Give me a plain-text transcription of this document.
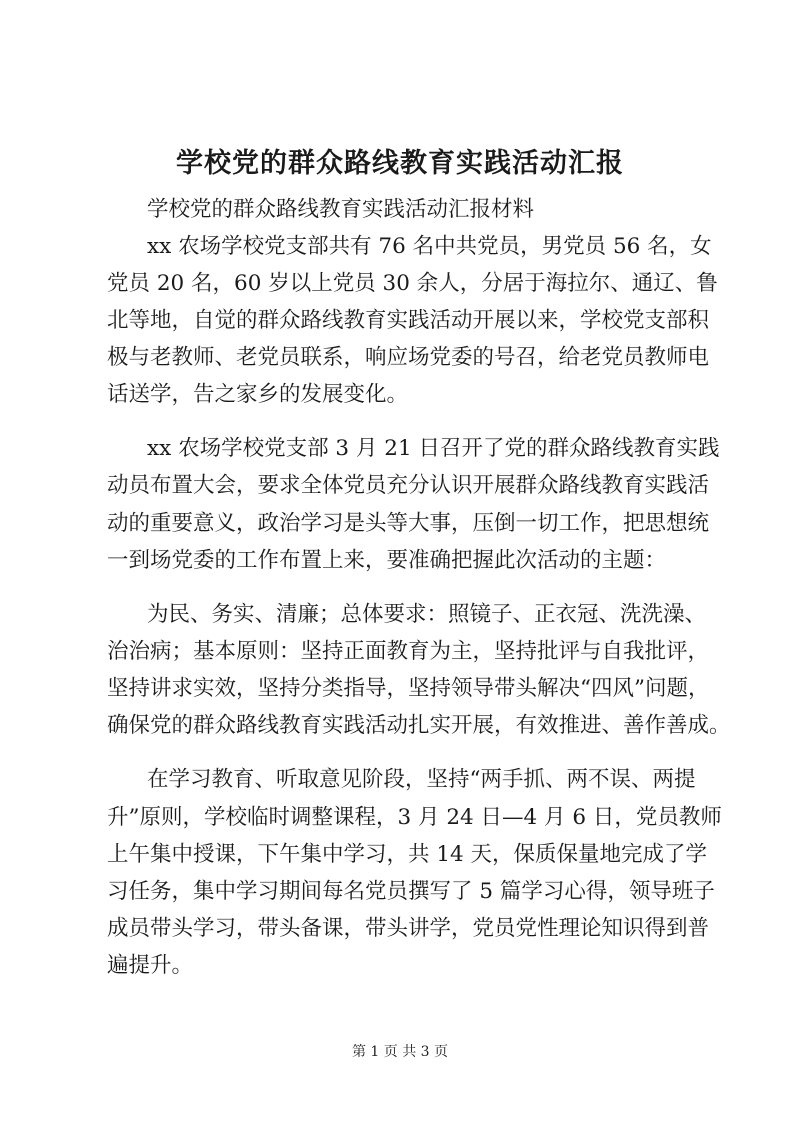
学校党的群众路线教育实践活动汇报

学校党的群众路线教育实践活动汇报材料

xx 农场学校党支部共有 76 名中共党员，男党员 56 名，女

党员 20 名，60 岁以上党员 30 余人，分居于海拉尔、通辽、鲁

北等地，自觉的群众路线教育实践活动开展以来，学校党支部积

极与老教师、老党员联系，响应场党委的号召，给老党员教师电

话送学，告之家乡的发展变化。

xx 农场学校党支部 3 月 21 日召开了党的群众路线教育实践

动员布置大会，要求全体党员充分认识开展群众路线教育实践活

动的重要意义，政治学习是头等大事，压倒一切工作，把思想统

一到场党委的工作布置上来，要准确把握此次活动的主题：

为民、务实、清廉；总体要求：照镜子、正衣冠、洗洗澡、

治治病；基本原则：坚持正面教育为主，坚持批评与自我批评，

坚持讲求实效，坚持分类指导，坚持领导带头解决“四风”问题，

确保党的群众路线教育实践活动扎实开展，有效推进、善作善成。

在学习教育、听取意见阶段，坚持“两手抓、两不误、两提

升”原则，学校临时调整课程，3 月 24 日—4 月 6 日，党员教师

上午集中授课，下午集中学习，共 14 天，保质保量地完成了学

习任务，集中学习期间每名党员撰写了 5 篇学习心得，领导班子

成员带头学习，带头备课，带头讲学，党员党性理论知识得到普

遍提升。

第 1 页 共 3 页
